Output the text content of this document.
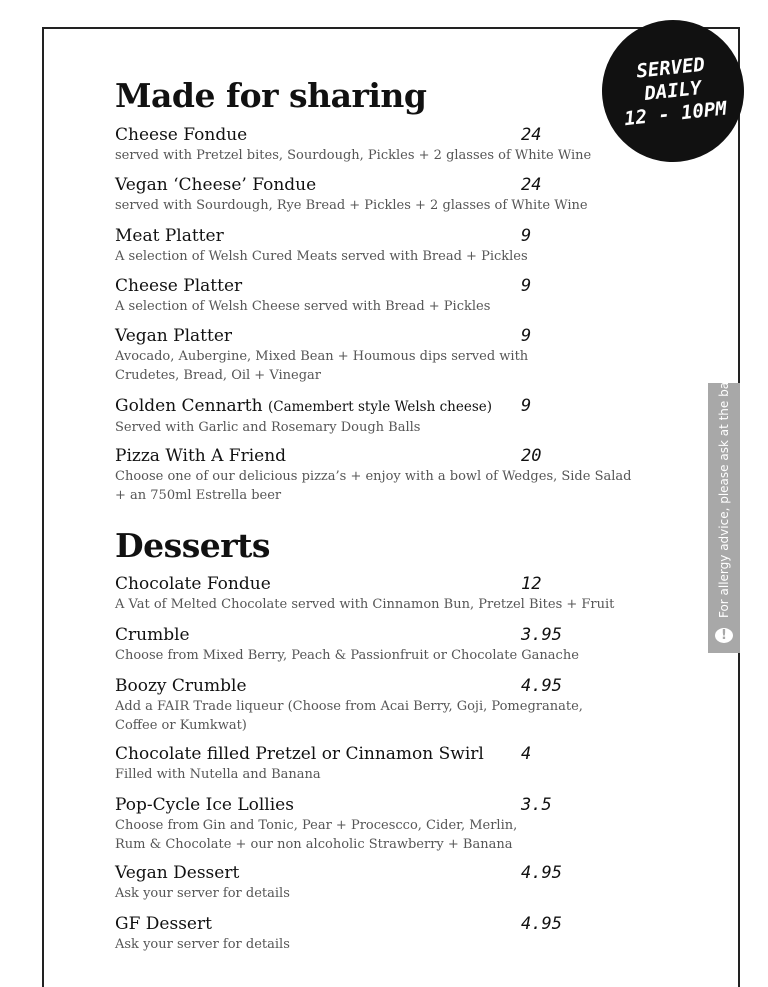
SERVED
DAILY
12 - 10PM
Made for sharing
Cheese Fondue	24
served with Pretzel bites, Sourdough, Pickles + 2 glasses of White Wine
Vegan ‘Cheese’ Fondue	24
served with Sourdough, Rye Bread + Pickles + 2 glasses of White Wine
Meat Platter	9
A selection of Welsh Cured Meats served with Bread + Pickles
Cheese Platter	9
A selection of Welsh Cheese served with Bread + Pickles
Vegan Platter	9
Avocado, Aubergine, Mixed Bean + Houmous dips served with
Crudetes, Bread, Oil + Vinegar
Golden Cennarth (Camembert style Welsh cheese)	9
Served with Garlic and Rosemary Dough Balls
Pizza With A Friend	20
Choose one of our delicious pizza’s + enjoy with a bowl of Wedges, Side Salad
+ an 750ml Estrella beer
Desserts
Chocolate Fondue	12
A Vat of Melted Chocolate served with Cinnamon Bun, Pretzel Bites + Fruit
Crumble	3.95
Choose from Mixed Berry, Peach & Passionfruit or Chocolate Ganache
Boozy Crumble	4.95
Add a FAIR Trade liqueur (Choose from Acai Berry, Goji, Pomegranate,
Coffee or Kumkwat)
Chocolate filled Pretzel or Cinnamon Swirl	4
Filled with Nutella and Banana
Pop-Cycle Ice Lollies	3.5
Choose from Gin and Tonic, Pear + Procescco, Cider, Merlin,
Rum & Chocolate + our non alcoholic Strawberry + Banana
Vegan Dessert	4.95
Ask your server for details
GF Dessert	4.95
Ask your server for details
For allergy advice, please ask at the bar
!
